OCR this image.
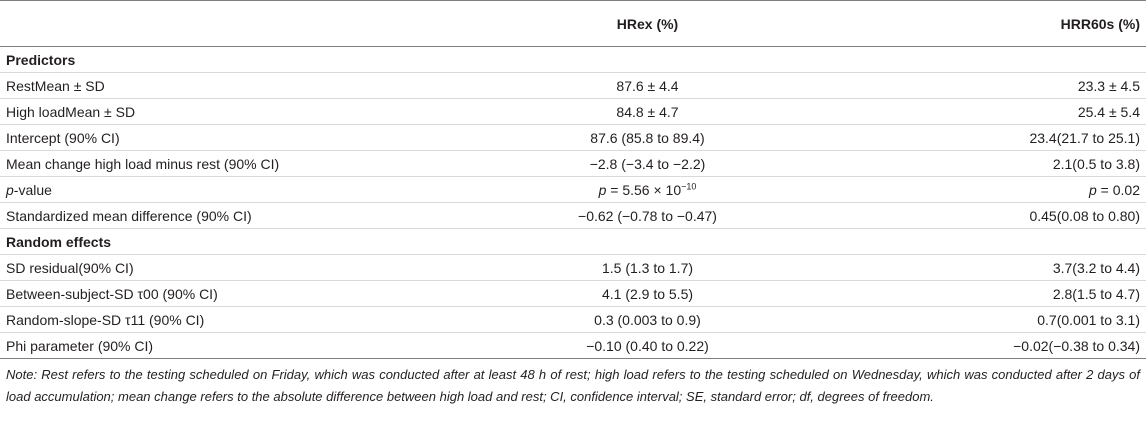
	HRex (%)	HRR60s (%)
Predictors		
RestMean ± SD	87.6 ± 4.4	23.3 ± 4.5
High loadMean ± SD	84.8 ± 4.7	25.4 ± 5.4
Intercept (90% CI)	87.6 (85.8 to 89.4)	23.4(21.7 to 25.1)
Mean change high load minus rest (90% CI)	−2.8 (−3.4 to −2.2)	2.1(0.5 to 3.8)
p-value	$p = 5.56 \times 10^{-10}$	p = 0.02
Standardized mean difference (90% CI)	−0.62 (−0.78 to −0.47)	0.45(0.08 to 0.80)
Random effects		
SD residual(90% CI)	1.5 (1.3 to 1.7)	3.7(3.2 to 4.4)
Between-subject-SD τ00 (90% CI)	4.1 (2.9 to 5.5)	2.8(1.5 to 4.7)
Random-slope-SD τ11 (90% CI)	0.3 (0.003 to 0.9)	0.7(0.001 to 3.1)
Phi parameter (90% CI)	−0.10 (0.40 to 0.22)	−0.02(−0.38 to 0.34)
Note: Rest refers to the testing scheduled on Friday, which was conducted after at least 48 h of rest; high load refers to the testing scheduled on Wednesday, which was conducted after 2 days of load accumulation; mean change refers to the absolute difference between high load and rest; CI, confidence interval; SE, standard error; df, degrees of freedom.
